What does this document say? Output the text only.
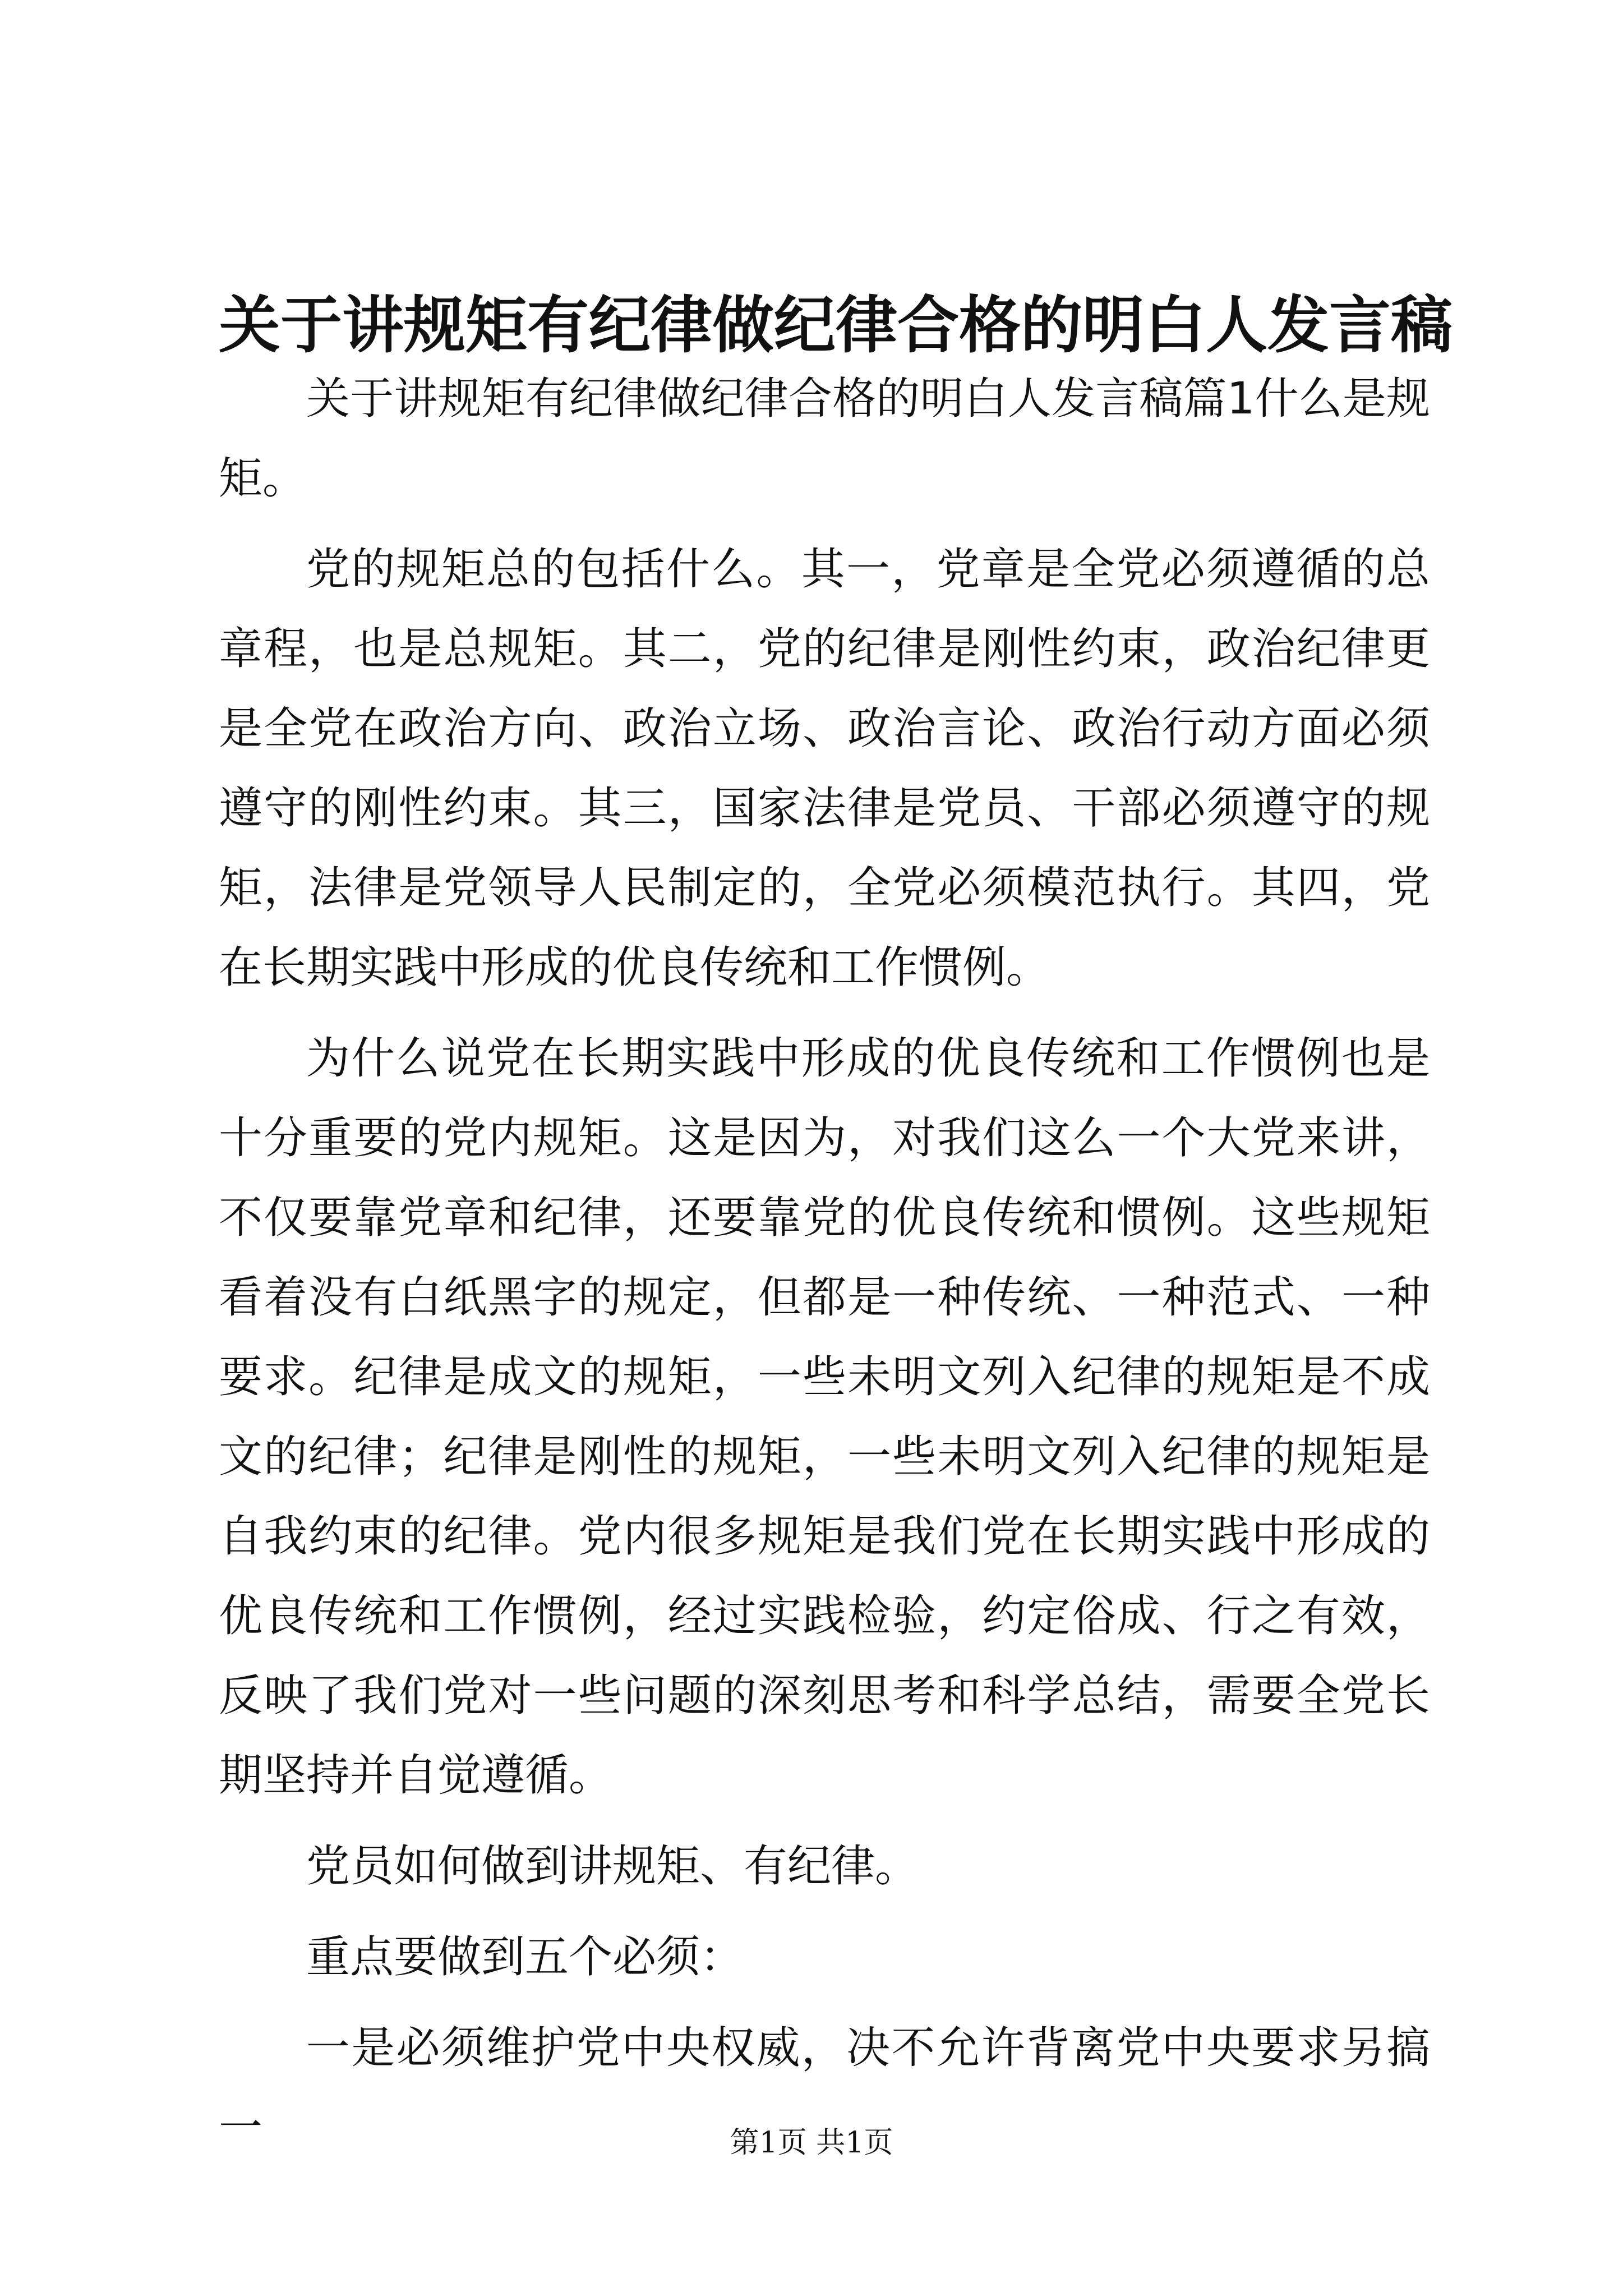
关于讲规矩有纪律做纪律合格的明白人发言稿

关于讲规矩有纪律做纪律合格的明白人发言稿篇1什么是规矩。

党的规矩总的包括什么。其一，党章是全党必须遵循的总章程，也是总规矩。其二，党的纪律是刚性约束，政治纪律更是全党在政治方向、政治立场、政治言论、政治行动方面必须遵守的刚性约束。其三，国家法律是党员、干部必须遵守的规矩，法律是党领导人民制定的，全党必须模范执行。其四，党在长期实践中形成的优良传统和工作惯例。

为什么说党在长期实践中形成的优良传统和工作惯例也是十分重要的党内规矩。这是因为，对我们这么一个大党来讲，不仅要靠党章和纪律，还要靠党的优良传统和惯例。这些规矩看着没有白纸黑字的规定，但都是一种传统、一种范式、一种要求。纪律是成文的规矩，一些未明文列入纪律的规矩是不成文的纪律；纪律是刚性的规矩，一些未明文列入纪律的规矩是自我约束的纪律。党内很多规矩是我们党在长期实践中形成的优良传统和工作惯例，经过实践检验，约定俗成、行之有效，反映了我们党对一些问题的深刻思考和科学总结，需要全党长期坚持并自觉遵循。

党员如何做到讲规矩、有纪律。

重点要做到五个必须：

一是必须维护党中央权威，决不允许背离党中央要求另搞一	第1页 共1页
